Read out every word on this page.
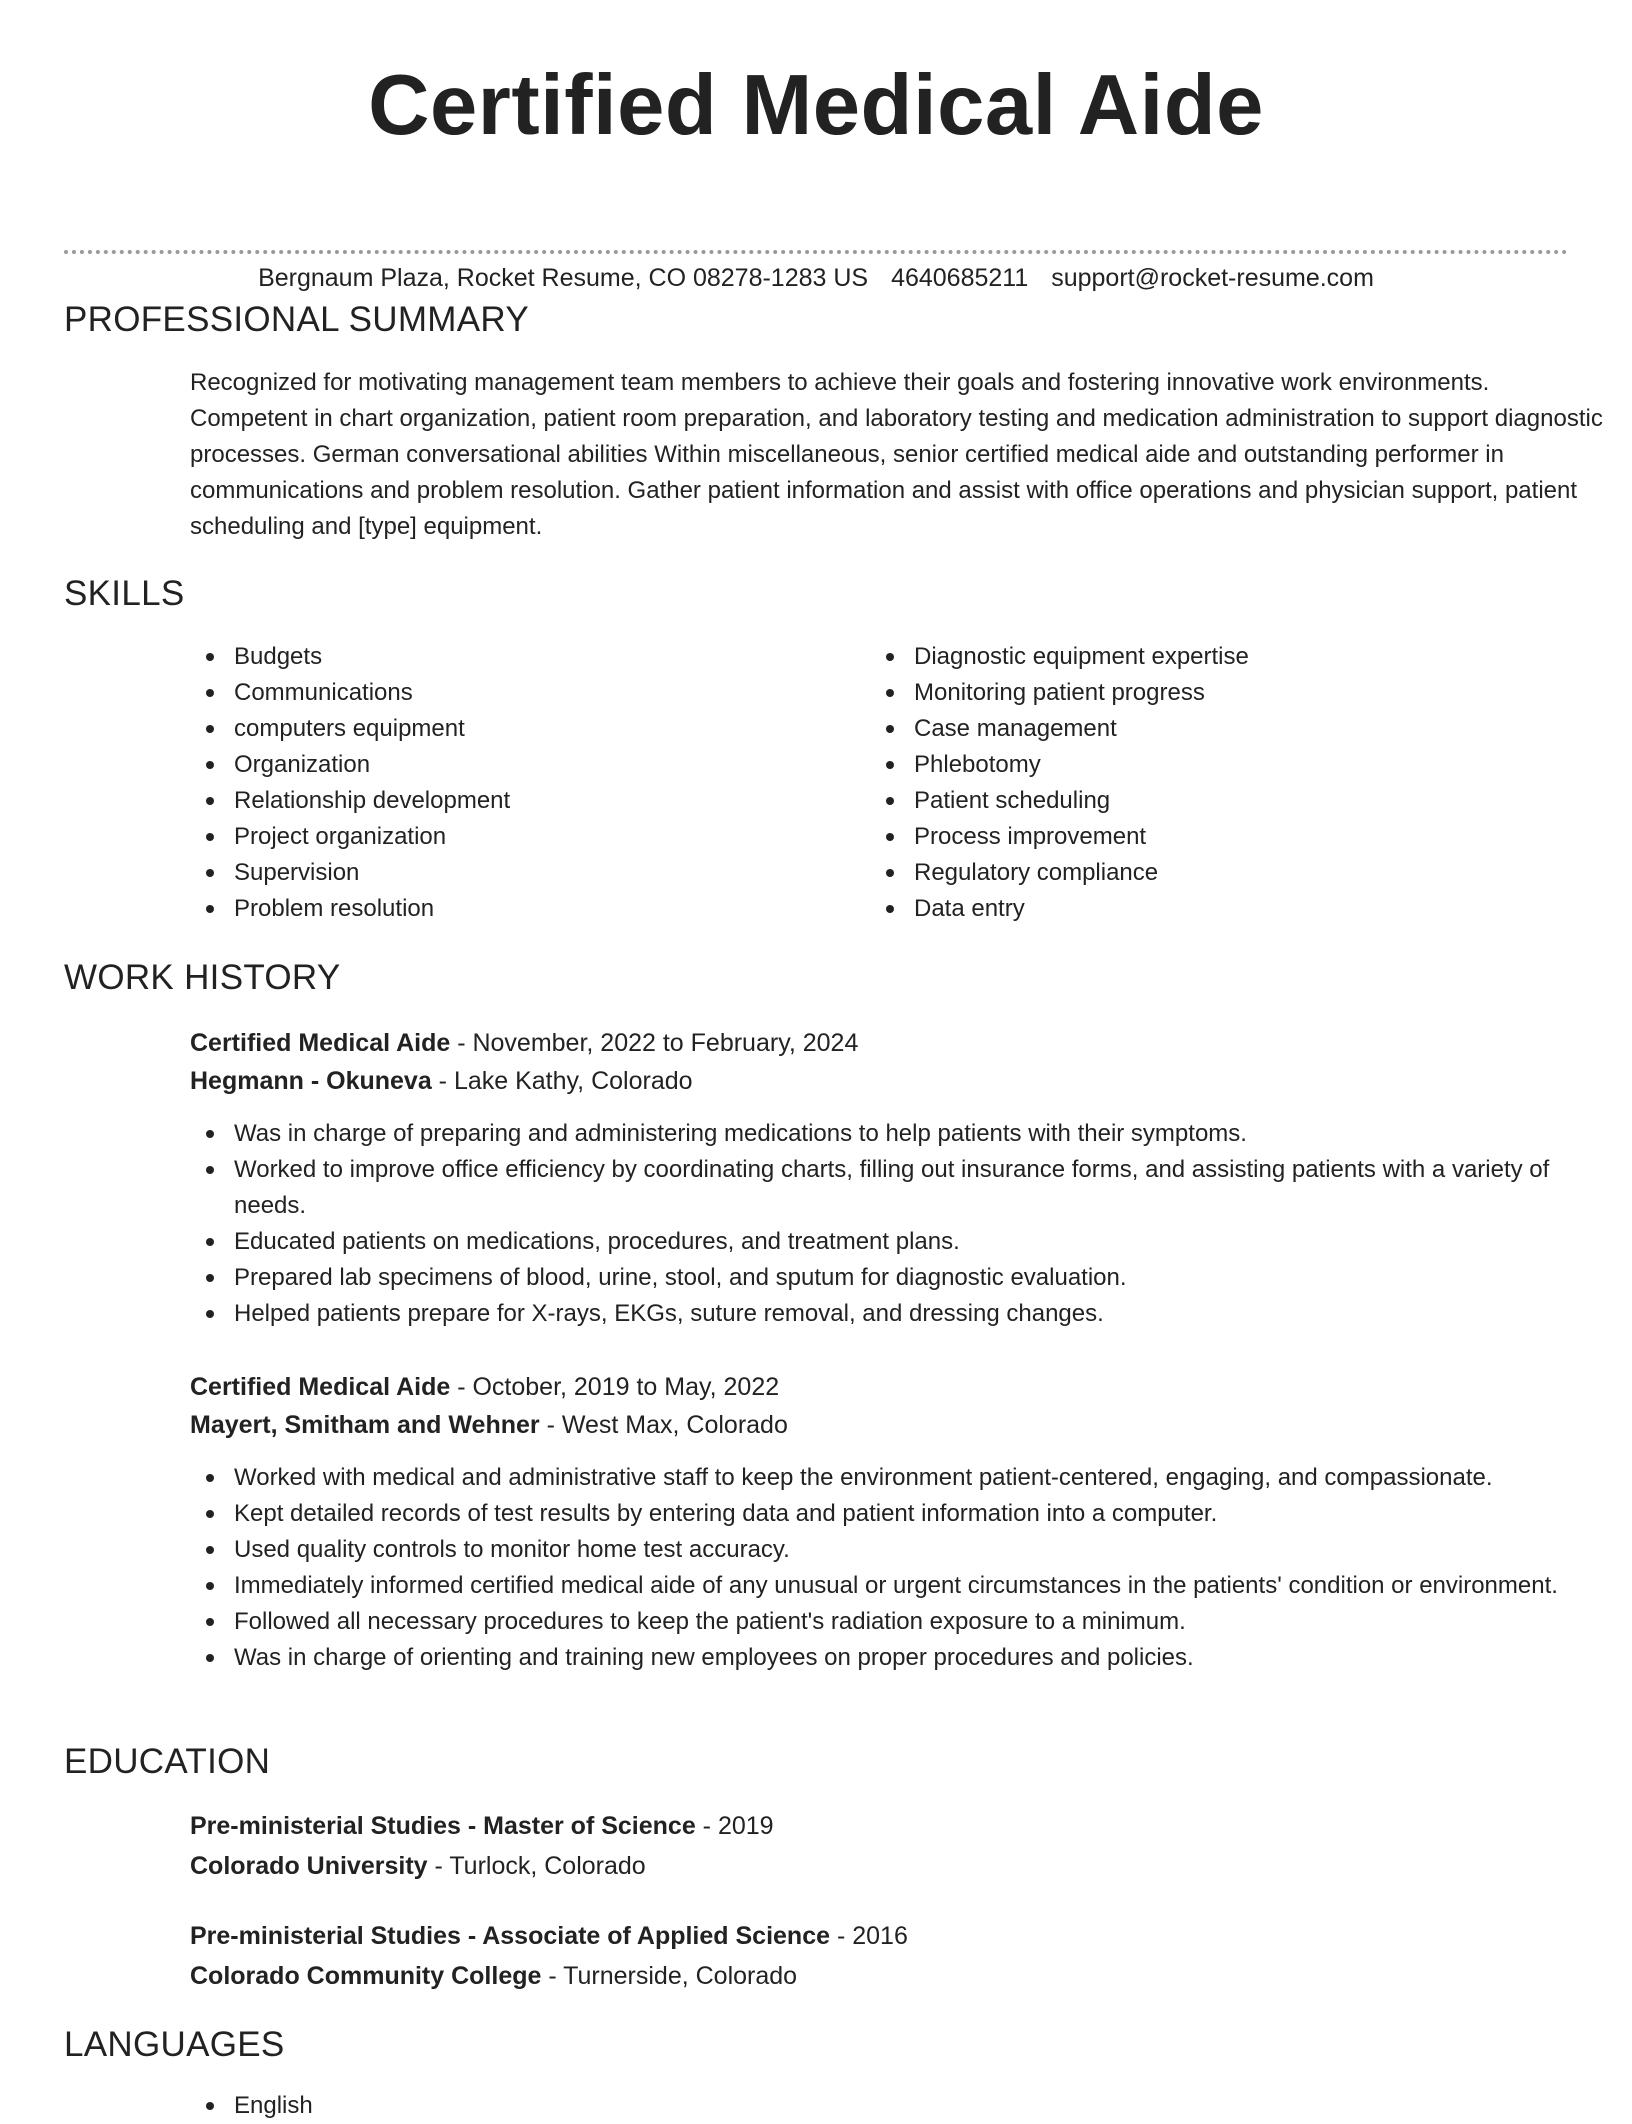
Certified Medical Aide
Bergnaum Plaza, Rocket Resume, CO 08278-1283 US 4640685211 support@rocket-resume.com
PROFESSIONAL SUMMARY

Recognized for motivating management team members to achieve their goals and fostering innovative work environments. Competent in chart organization, patient room preparation, and laboratory testing and medication administration to support diagnostic processes. German conversational abilities Within miscellaneous, senior certified medical aide and outstanding performer in communications and problem resolution. Gather patient information and assist with office operations and physician support, patient scheduling and [type] equipment.

SKILLS
Budgets
Communications
computers equipment
Organization
Relationship development
Project organization
Supervision
Problem resolution
Diagnostic equipment expertise
Monitoring patient progress
Case management
Phlebotomy
Patient scheduling
Process improvement
Regulatory compliance
Data entry
WORK HISTORY
Certified Medical Aide - November, 2022 to February, 2024
Hegmann - Okuneva - Lake Kathy, Colorado
Was in charge of preparing and administering medications to help patients with their symptoms.
Worked to improve office efficiency by coordinating charts, filling out insurance forms, and assisting patients with a variety of needs.
Educated patients on medications, procedures, and treatment plans.
Prepared lab specimens of blood, urine, stool, and sputum for diagnostic evaluation.
Helped patients prepare for X-rays, EKGs, suture removal, and dressing changes.
Certified Medical Aide - October, 2019 to May, 2022
Mayert, Smitham and Wehner - West Max, Colorado
Worked with medical and administrative staff to keep the environment patient-centered, engaging, and compassionate.
Kept detailed records of test results by entering data and patient information into a computer.
Used quality controls to monitor home test accuracy.
Immediately informed certified medical aide of any unusual or urgent circumstances in the patients' condition or environment.
Followed all necessary procedures to keep the patient's radiation exposure to a minimum.
Was in charge of orienting and training new employees on proper procedures and policies.
EDUCATION
Pre-ministerial Studies - Master of Science - 2019
Colorado University - Turlock, Colorado
Pre-ministerial Studies - Associate of Applied Science - 2016
Colorado Community College - Turnerside, Colorado
LANGUAGES
English
